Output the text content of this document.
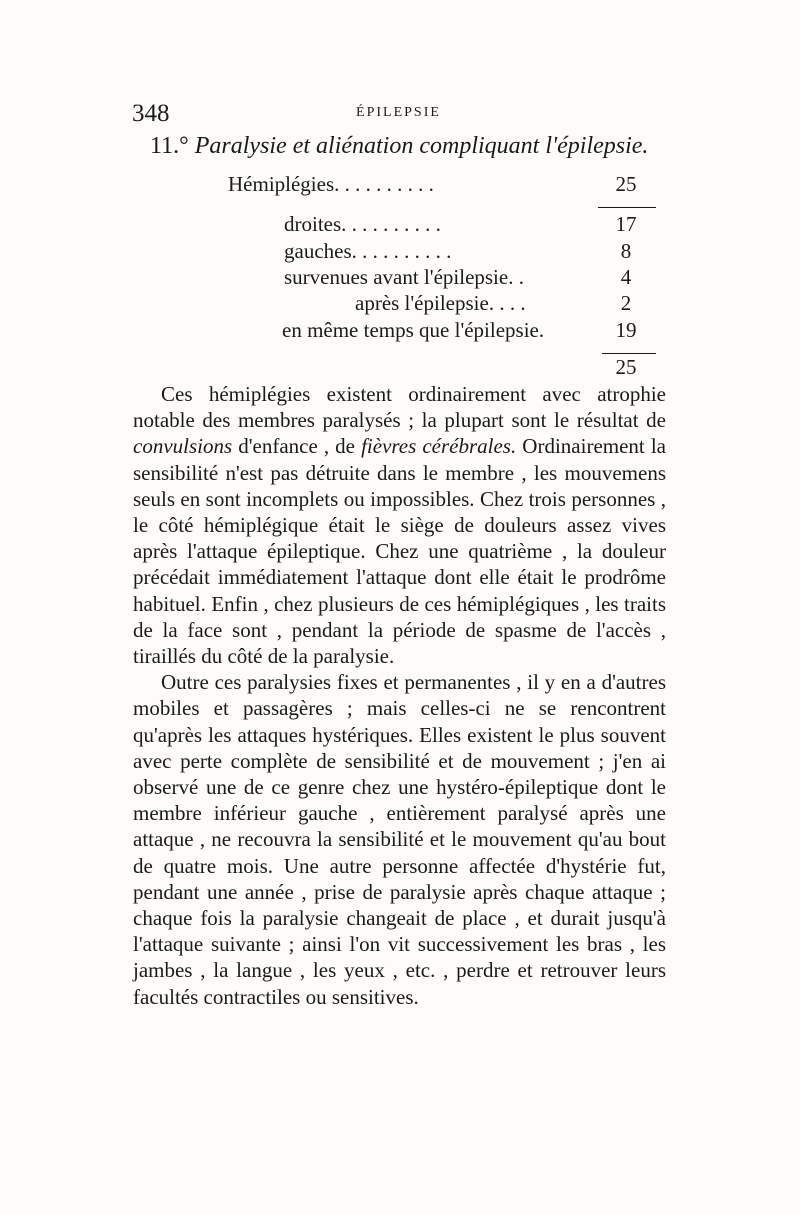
348	ÉPILEPSIE
11.° Paralysie et aliénation compliquant l'épilepsie.
Hémiplégies. . . . . . . . . .	25
droites. . . . . . . . . .	17
gauches. . . . . . . . . .	8
survenues avant l'épilepsie. .	4
après l'épilepsie. . . .	2
en même temps que l'épilepsie.	19
25

Ces hémiplégies existent ordinairement avec atrophie notable des membres paralysés ; la plupart sont le résultat de convulsions d'enfance , de fièvres cérébrales. Ordinairement la sensibilité n'est pas détruite dans le membre , les mouvemens seuls en sont incomplets ou impossibles. Chez trois personnes , le côté hémiplégique était le siège de douleurs assez vives après l'attaque épileptique. Chez une quatrième , la douleur précédait immédiatement l'attaque dont elle était le prodrôme habituel. Enfin , chez plusieurs de ces hémiplégiques , les traits de la face sont , pendant la période de spasme de l'accès , tiraillés du côté de la paralysie.

Outre ces paralysies fixes et permanentes , il y en a d'autres mobiles et passagères ; mais celles-ci ne se rencontrent qu'après les attaques hystériques. Elles existent le plus souvent avec perte complète de sensibilité et de mouvement ; j'en ai observé une de ce genre chez une hystéro-épileptique dont le membre inférieur gauche , entièrement paralysé après une attaque , ne recouvra la sensibilité et le mouvement qu'au bout de quatre mois. Une autre personne affectée d'hystérie fut, pendant une année , prise de paralysie après chaque attaque ; chaque fois la paralysie changeait de place , et durait jusqu'à l'attaque suivante ; ainsi l'on vit successivement les bras , les jambes , la langue , les yeux , etc. , perdre et retrouver leurs facultés contractiles ou sensitives.
